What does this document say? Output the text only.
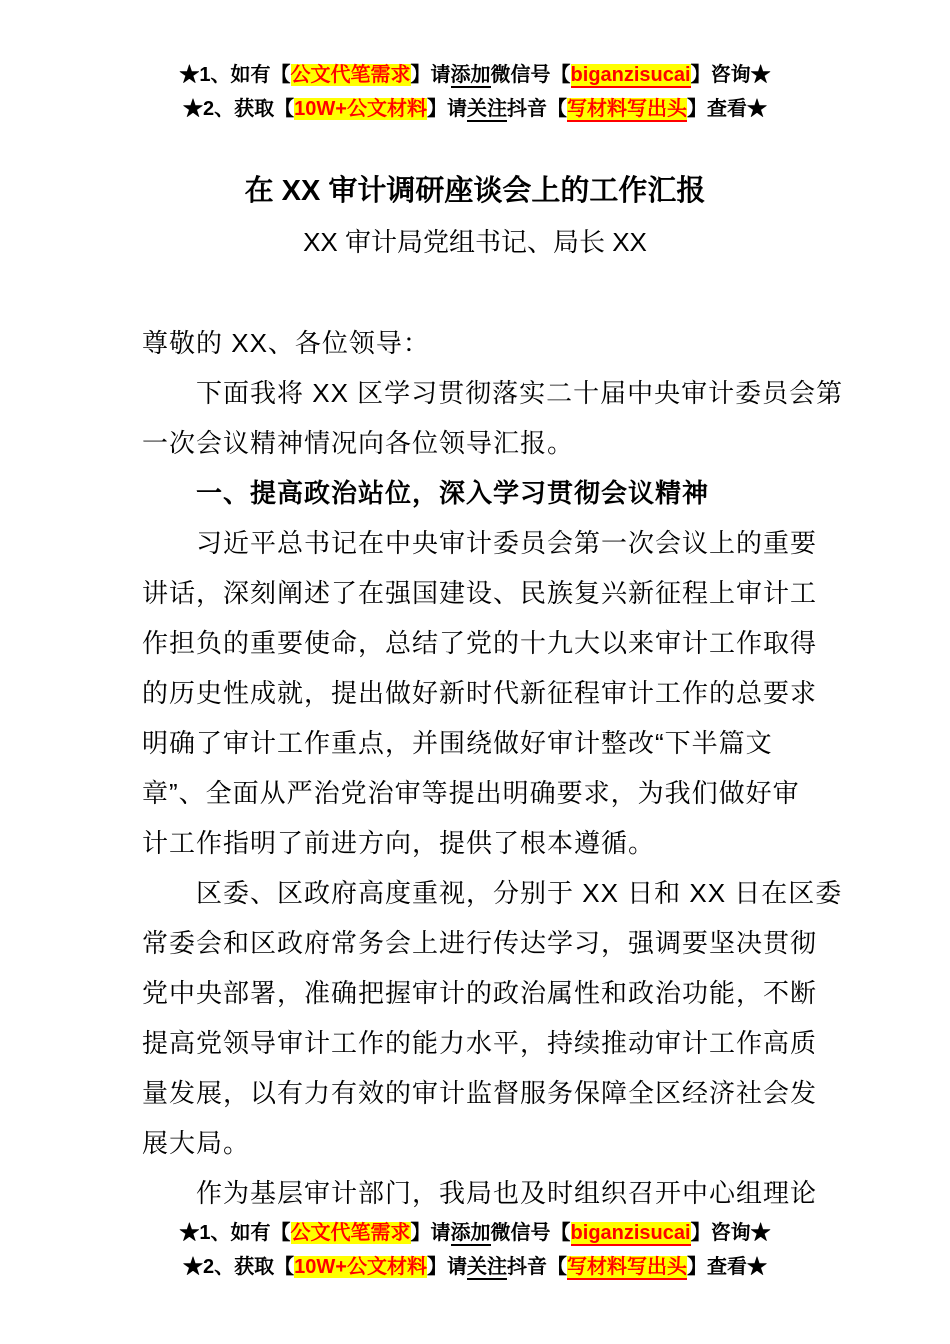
★1、如有【公文代笔需求】请添加微信号【biganzisucai】咨询★
★2、获取【10W+公文材料】请关注抖音【写材料写出头】查看★
在 XX 审计调研座谈会上的工作汇报
XX 审计局党组书记、局长 XX
尊敬的 XX、各位领导：
下面我将 XX 区学习贯彻落实二十届中央审计委员会第
一次会议精神情况向各位领导汇报。
一、提高政治站位，深入学习贯彻会议精神
习近平总书记在中央审计委员会第一次会议上的重要
讲话，深刻阐述了在强国建设、民族复兴新征程上审计工
作担负的重要使命，总结了党的十九大以来审计工作取得
的历史性成就，提出做好新时代新征程审计工作的总要求
明确了审计工作重点，并围绕做好审计整改“下半篇文
章”、全面从严治党治审等提出明确要求，为我们做好审
计工作指明了前进方向，提供了根本遵循。
区委、区政府高度重视，分别于 XX 日和 XX 日在区委
常委会和区政府常务会上进行传达学习，强调要坚决贯彻
党中央部署，准确把握审计的政治属性和政治功能，不断
提高党领导审计工作的能力水平，持续推动审计工作高质
量发展，以有力有效的审计监督服务保障全区经济社会发
展大局。
作为基层审计部门，我局也及时组织召开中心组理论
★1、如有【公文代笔需求】请添加微信号【biganzisucai】咨询★
★2、获取【10W+公文材料】请关注抖音【写材料写出头】查看★
